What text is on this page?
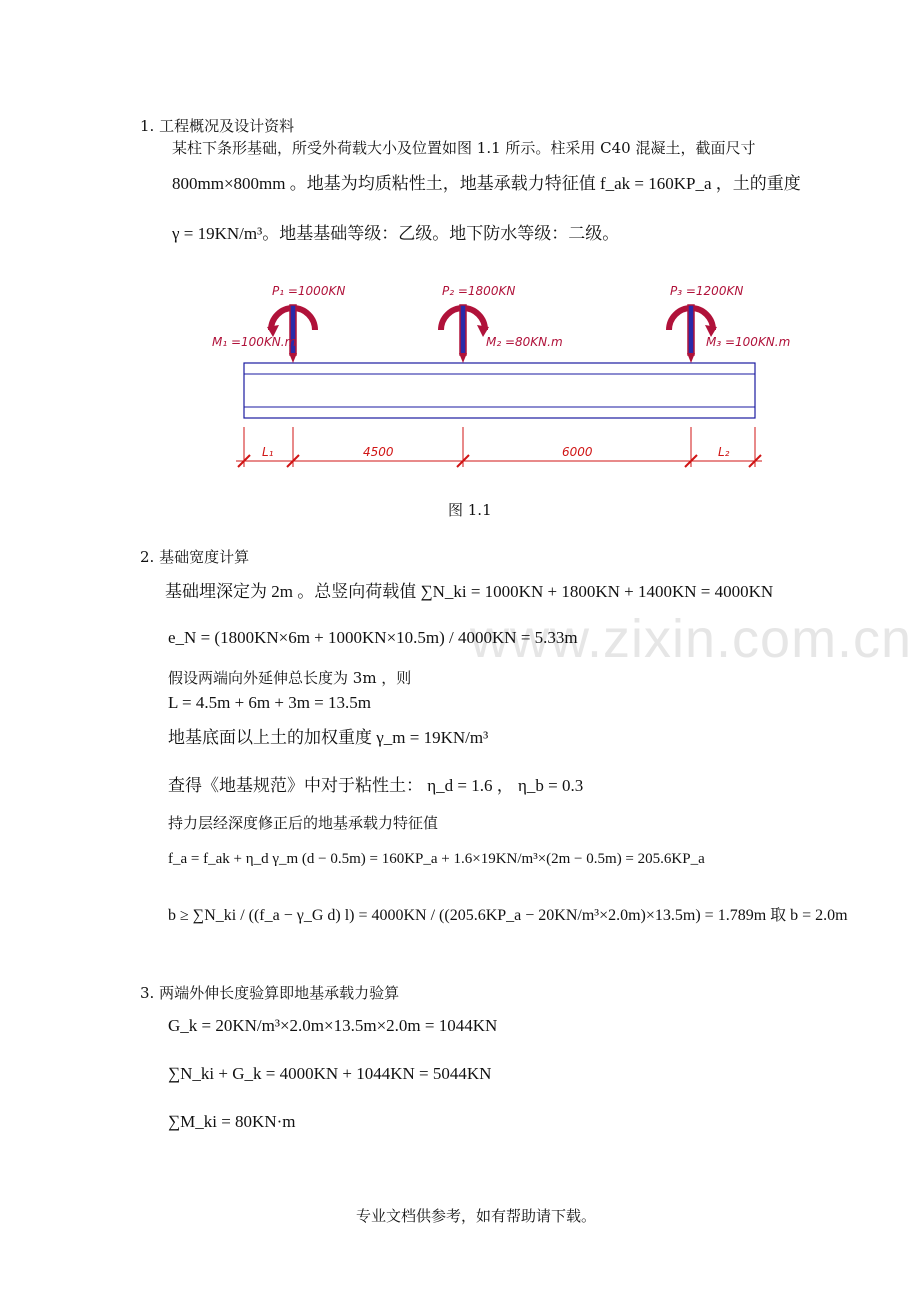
www.zixin.com.cn
1. 工程概况及设计资料
某柱下条形基础，所受外荷载大小及位置如图 1.1 所示。柱采用 C40 混凝土，截面尺寸
800mm×800mm 。地基为均质粘性土，地基承载力特征值 f_ak = 160KP_a ，土的重度
γ = 19KN/m³。地基基础等级：乙级。地下防水等级：二级。
P₁ =1000KN	P₂ =1800KN	P₃ =1200KN
M₁ =100KN.m	M₂ =80KN.m	M₃ =100KN.m
L₁	4500	6000	L₂
图 1.1
2. 基础宽度计算
基础埋深定为 2m 。总竖向荷载值 ∑N_ki = 1000KN + 1800KN + 1400KN = 4000KN
e_N = (1800KN×6m + 1000KN×10.5m) / 4000KN = 5.33m
假设两端向外延伸总长度为 3m ，则
L = 4.5m + 6m + 3m = 13.5m
地基底面以上土的加权重度 γ_m = 19KN/m³
查得《地基规范》中对于粘性土： η_d = 1.6 ， η_b = 0.3
持力层经深度修正后的地基承载力特征值
f_a = f_ak + η_d γ_m (d − 0.5m) = 160KP_a + 1.6×19KN/m³×(2m − 0.5m) = 205.6KP_a
b ≥ ∑N_ki / ((f_a − γ_G d) l) = 4000KN / ((205.6KP_a − 20KN/m³×2.0m)×13.5m) = 1.789m 取 b = 2.0m
3. 两端外伸长度验算即地基承载力验算
G_k = 20KN/m³×2.0m×13.5m×2.0m = 1044KN
∑N_ki + G_k = 4000KN + 1044KN = 5044KN
∑M_ki = 80KN·m
专业文档供参考，如有帮助请下载。
